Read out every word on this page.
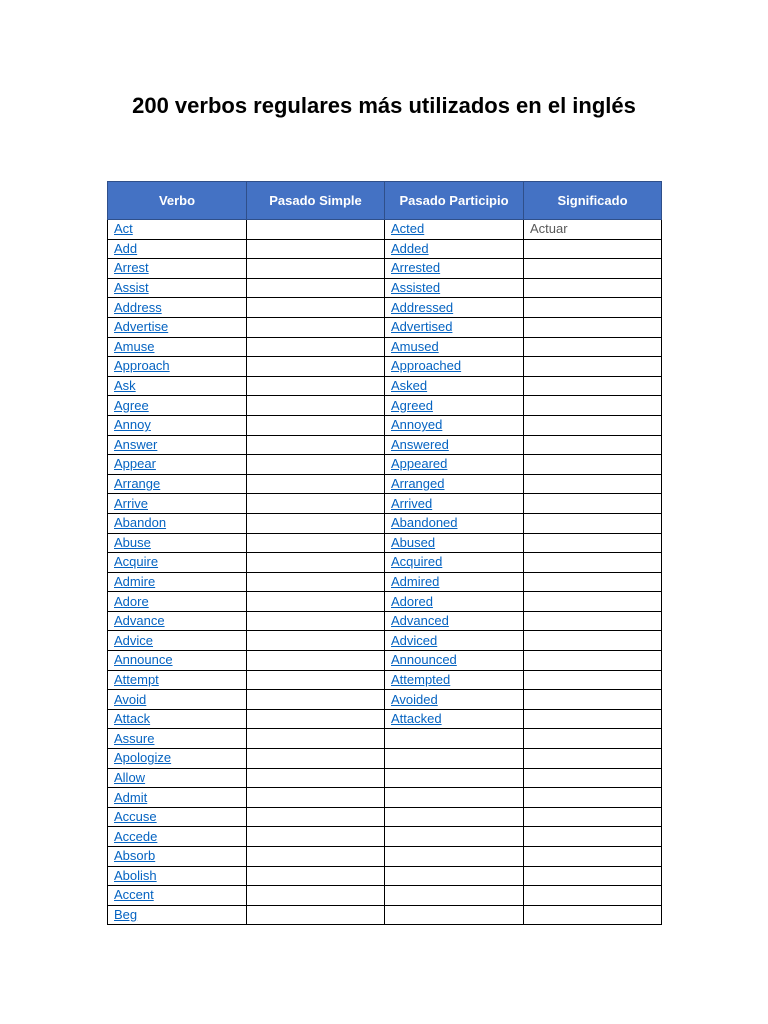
200 verbos regulares más utilizados en el inglés
Verbo	Pasado Simple	Pasado Participio	Significado
Act		Acted	Actuar
Add		Added	
Arrest		Arrested	
Assist		Assisted	
Address		Addressed	
Advertise		Advertised	
Amuse		Amused	
Approach		Approached	
Ask		Asked	
Agree		Agreed	
Annoy		Annoyed	
Answer		Answered	
Appear		Appeared	
Arrange		Arranged	
Arrive		Arrived	
Abandon		Abandoned	
Abuse		Abused	
Acquire		Acquired	
Admire		Admired	
Adore		Adored	
Advance		Advanced	
Advice		Adviced	
Announce		Announced	
Attempt		Attempted	
Avoid		Avoided	
Attack		Attacked	
Assure			
Apologize			
Allow			
Admit			
Accuse			
Accede			
Absorb			
Abolish			
Accent			
Beg			
